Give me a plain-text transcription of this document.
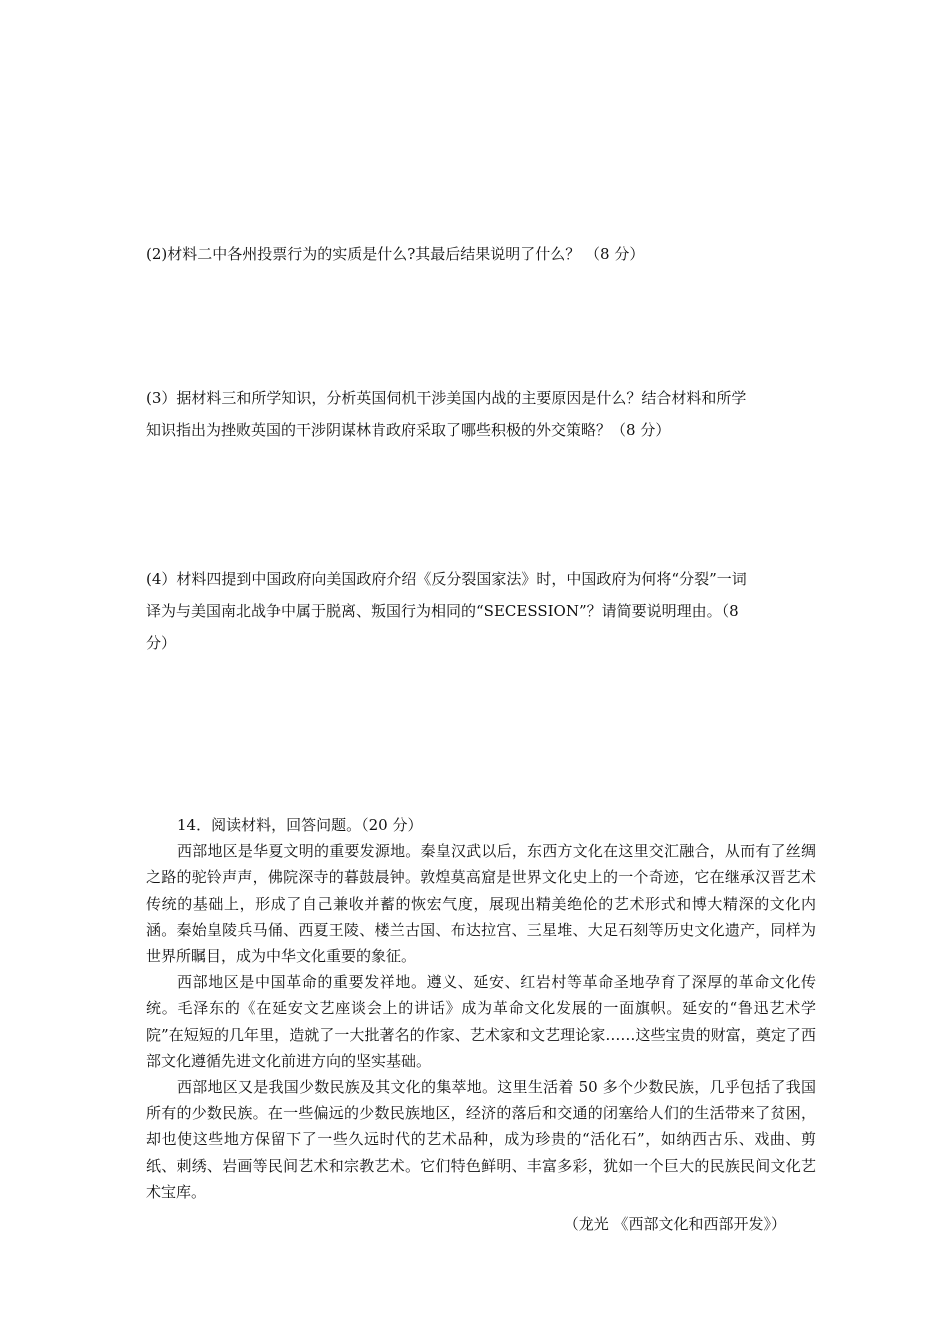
(2)材料二中各州投票行为的实质是什么?其最后结果说明了什么？ （8 分）
(3）据材料三和所学知识，分析英国伺机干涉美国内战的主要原因是什么？结合材料和所学
知识指出为挫败英国的干涉阴谋林肯政府采取了哪些积极的外交策略？（8 分）
(4）材料四提到中国政府向美国政府介绍《反分裂国家法》时，中国政府为何将“分裂”一词
译为与美国南北战争中属于脱离、叛国行为相同的“SECESSION”？请简要说明理由。（8
分）
14．阅读材料，回答问题。（20 分）

西部地区是华夏文明的重要发源地。秦皇汉武以后，东西方文化在这里交汇融合，从而有了丝绸之路的驼铃声声，佛院深寺的暮鼓晨钟。敦煌莫高窟是世界文化史上的一个奇迹，它在继承汉晋艺术传统的基础上，形成了自己兼收并蓄的恢宏气度，展现出精美绝伦的艺术形式和博大精深的文化内涵。秦始皇陵兵马俑、西夏王陵、楼兰古国、布达拉宫、三星堆、大足石刻等历史文化遗产，同样为世界所瞩目，成为中华文化重要的象征。

西部地区是中国革命的重要发祥地。遵义、延安、红岩村等革命圣地孕育了深厚的革命文化传统。毛泽东的《在延安文艺座谈会上的讲话》成为革命文化发展的一面旗帜。延安的“鲁迅艺术学院”在短短的几年里，造就了一大批著名的作家、艺术家和文艺理论家……这些宝贵的财富，奠定了西部文化遵循先进文化前进方向的坚实基础。

西部地区又是我国少数民族及其文化的集萃地。这里生活着 50 多个少数民族，几乎包括了我国所有的少数民族。在一些偏远的少数民族地区，经济的落后和交通的闭塞给人们的生活带来了贫困，却也使这些地方保留下了一些久远时代的艺术品种，成为珍贵的“活化石”，如纳西古乐、戏曲、剪纸、刺绣、岩画等民间艺术和宗教艺术。它们特色鲜明、丰富多彩，犹如一个巨大的民族民间文化艺术宝库。

（龙光 《西部文化和西部开发》）
